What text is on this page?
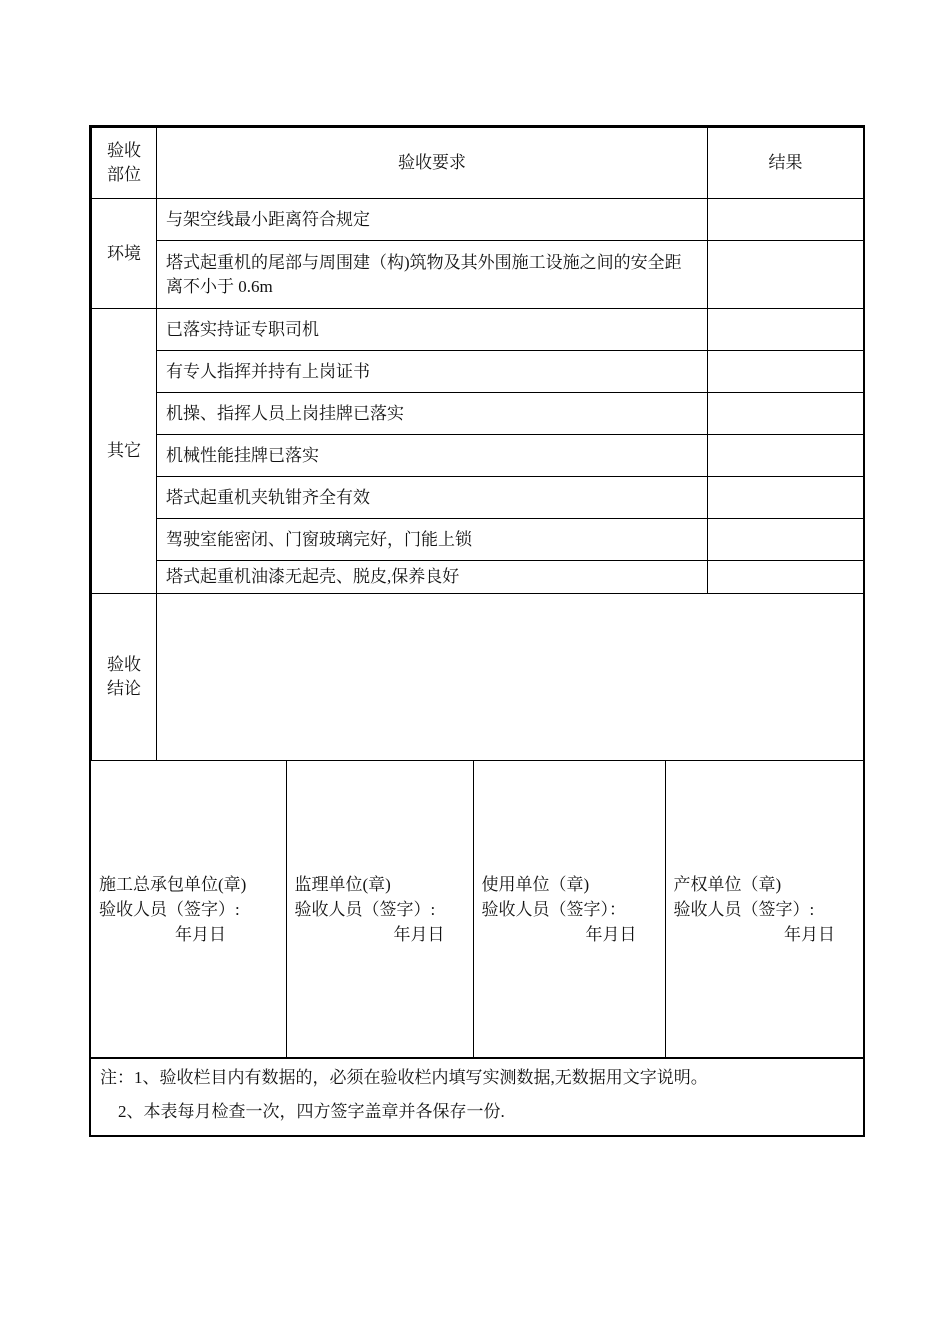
验收
部位	验收要求	结果
环境	与架空线最小距离符合规定	
	塔式起重机的尾部与周围建（构)筑物及其外围施工设施之间的安全距离不小于 0.6m	
其它	已落实持证专职司机	
	有专人指挥并持有上岗证书	
	机操、指挥人员上岗挂牌已落实	
	机械性能挂牌已落实	
	塔式起重机夹轨钳齐全有效	
	驾驶室能密闭、门窗玻璃完好，门能上锁	
	塔式起重机油漆无起壳、脱皮,保养良好	

验收
结论		

施工总承包单位(章)
验收人员（签字）:
年月日

监理单位(章)
验收人员（签字）:
年月日

使用单位（章)
验收人员（签字）：
年月日

产权单位（章)
验收人员（签字）:
年月日
注：1、验收栏目内有数据的，必须在验收栏内填写实测数据,无数据用文字说明。
2、本表每月检查一次，四方签字盖章并各保存一份.
